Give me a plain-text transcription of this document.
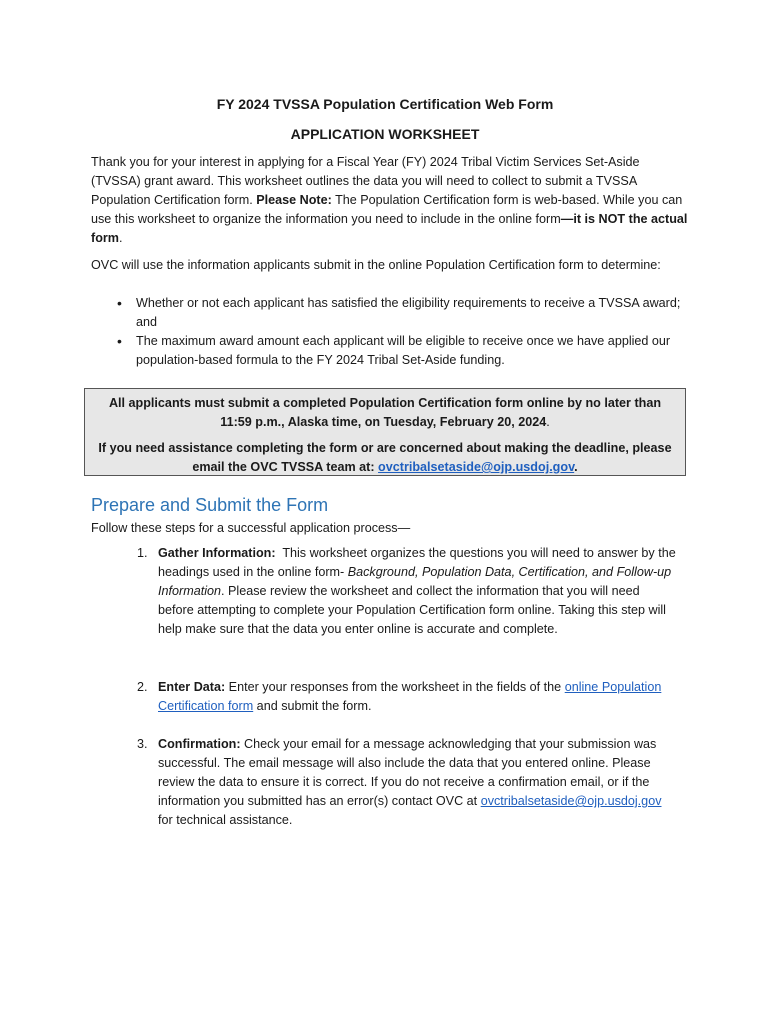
FY 2024 TVSSA Population Certification Web Form
APPLICATION WORKSHEET

Thank you for your interest in applying for a Fiscal Year (FY) 2024 Tribal Victim Services Set-Aside (TVSSA) grant award. This worksheet outlines the data you will need to collect to submit a TVSSA Population Certification form. Please Note: The Population Certification form is web-based. While you can use this worksheet to organize the information you need to include in the online form—it is NOT the actual form.

OVC will use the information applicants submit in the online Population Certification form to determine:

• Whether or not each applicant has satisfied the eligibility requirements to receive a TVSSA award; and
• The maximum award amount each applicant will be eligible to receive once we have applied our population-based formula to the FY 2024 Tribal Set-Aside funding.

All applicants must submit a completed Population Certification form online by no later than 11:59 p.m., Alaska time, on Tuesday, February 20, 2024.

If you need assistance completing the form or are concerned about making the deadline, please email the OVC TVSSA team at: ovctribalsetaside@ojp.usdoj.gov.

Prepare and Submit the Form

Follow these steps for a successful application process—

1. Gather Information:  This worksheet organizes the questions you will need to answer by the headings used in the online form- Background, Population Data, Certification, and Follow-up Information. Please review the worksheet and collect the information that you will need before attempting to complete your Population Certification form online. Taking this step will help make sure that the data you enter online is accurate and complete.
2. Enter Data: Enter your responses from the worksheet in the fields of the online Population Certification form and submit the form.
3. Confirmation: Check your email for a message acknowledging that your submission was successful. The email message will also include the data that you entered online. Please review the data to ensure it is correct. If you do not receive a confirmation email, or if the information you submitted has an error(s) contact OVC at ovctribalsetaside@ojp.usdoj.gov for technical assistance.
